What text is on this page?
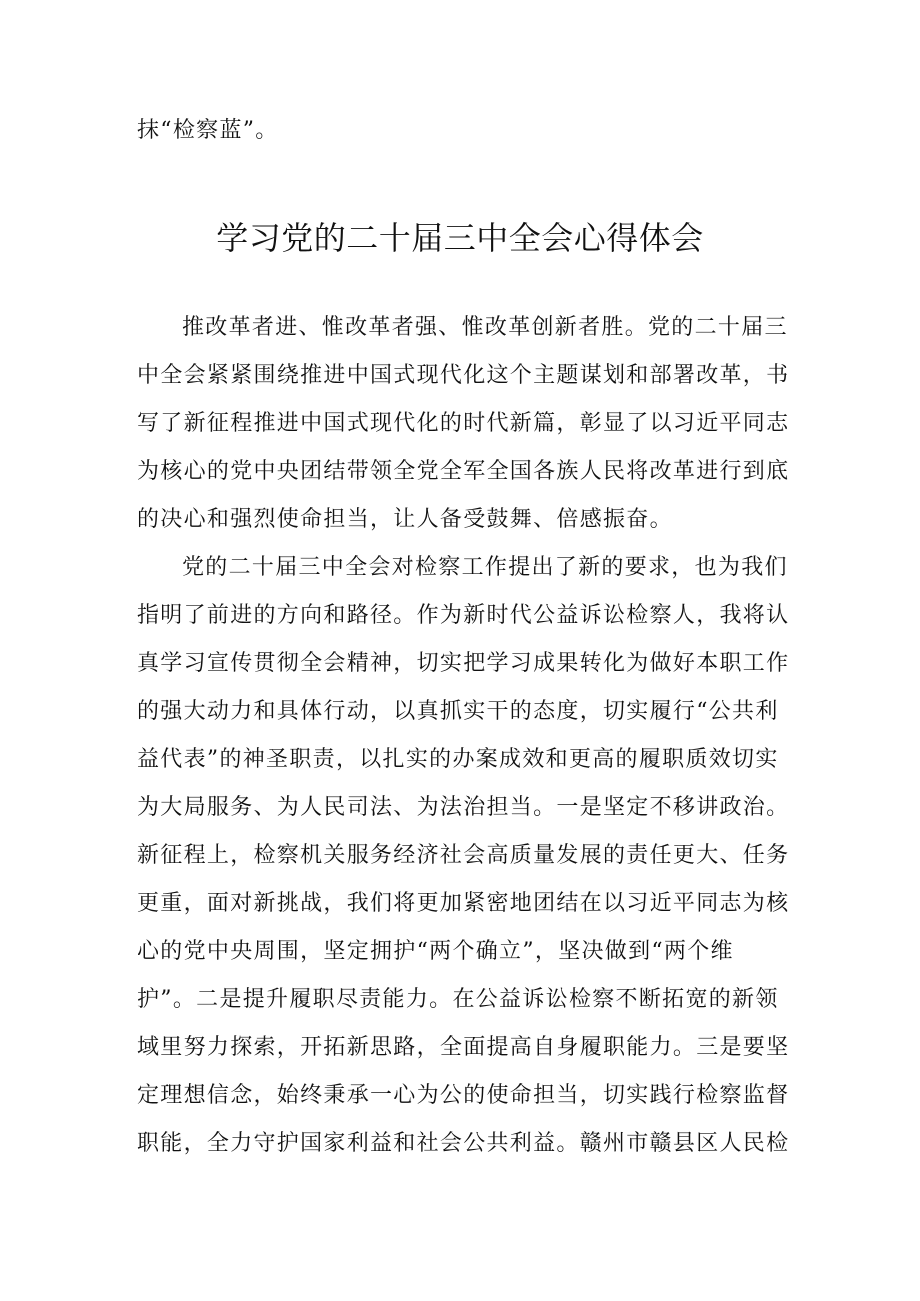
抹“检察蓝”。
学习党的二十届三中全会心得体会
推改革者进、惟改革者强、惟改革创新者胜。党的二十届三
中全会紧紧围绕推进中国式现代化这个主题谋划和部署改革，书
写了新征程推进中国式现代化的时代新篇，彰显了以习近平同志
为核心的党中央团结带领全党全军全国各族人民将改革进行到底
的决心和强烈使命担当，让人备受鼓舞、倍感振奋。
党的二十届三中全会对检察工作提出了新的要求，也为我们
指明了前进的方向和路径。作为新时代公益诉讼检察人，我将认
真学习宣传贯彻全会精神，切实把学习成果转化为做好本职工作
的强大动力和具体行动，以真抓实干的态度，切实履行“公共利
益代表”的神圣职责，以扎实的办案成效和更高的履职质效切实
为大局服务、为人民司法、为法治担当。一是坚定不移讲政治。
新征程上，检察机关服务经济社会高质量发展的责任更大、任务
更重，面对新挑战，我们将更加紧密地团结在以习近平同志为核
心的党中央周围，坚定拥护“两个确立”，坚决做到“两个维
护”。二是提升履职尽责能力。在公益诉讼检察不断拓宽的新领
域里努力探索，开拓新思路，全面提高自身履职能力。三是要坚
定理想信念，始终秉承一心为公的使命担当，切实践行检察监督
职能，全力守护国家利益和社会公共利益。赣州市赣县区人民检
